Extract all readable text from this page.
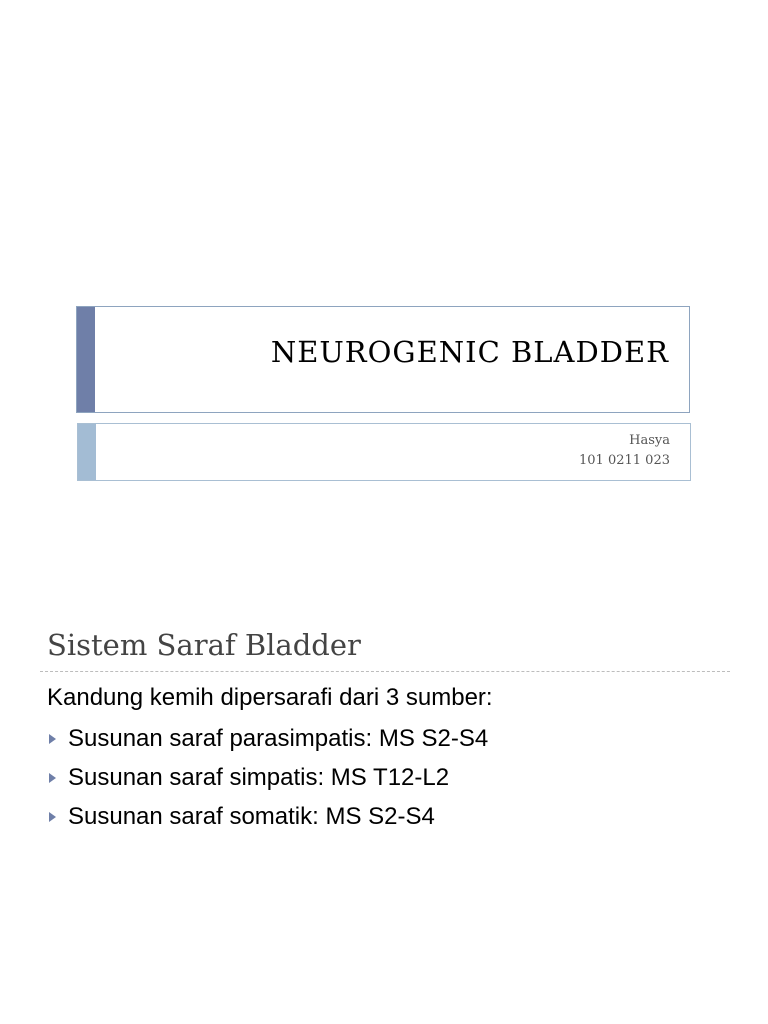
NEUROGENIC BLADDER
Hasya
101 0211 023
Sistem Saraf Bladder
Kandung kemih dipersarafi dari 3 sumber:
Susunan saraf parasimpatis: MS S2-S4
Susunan saraf simpatis: MS T12-L2
Susunan saraf somatik: MS S2-S4
